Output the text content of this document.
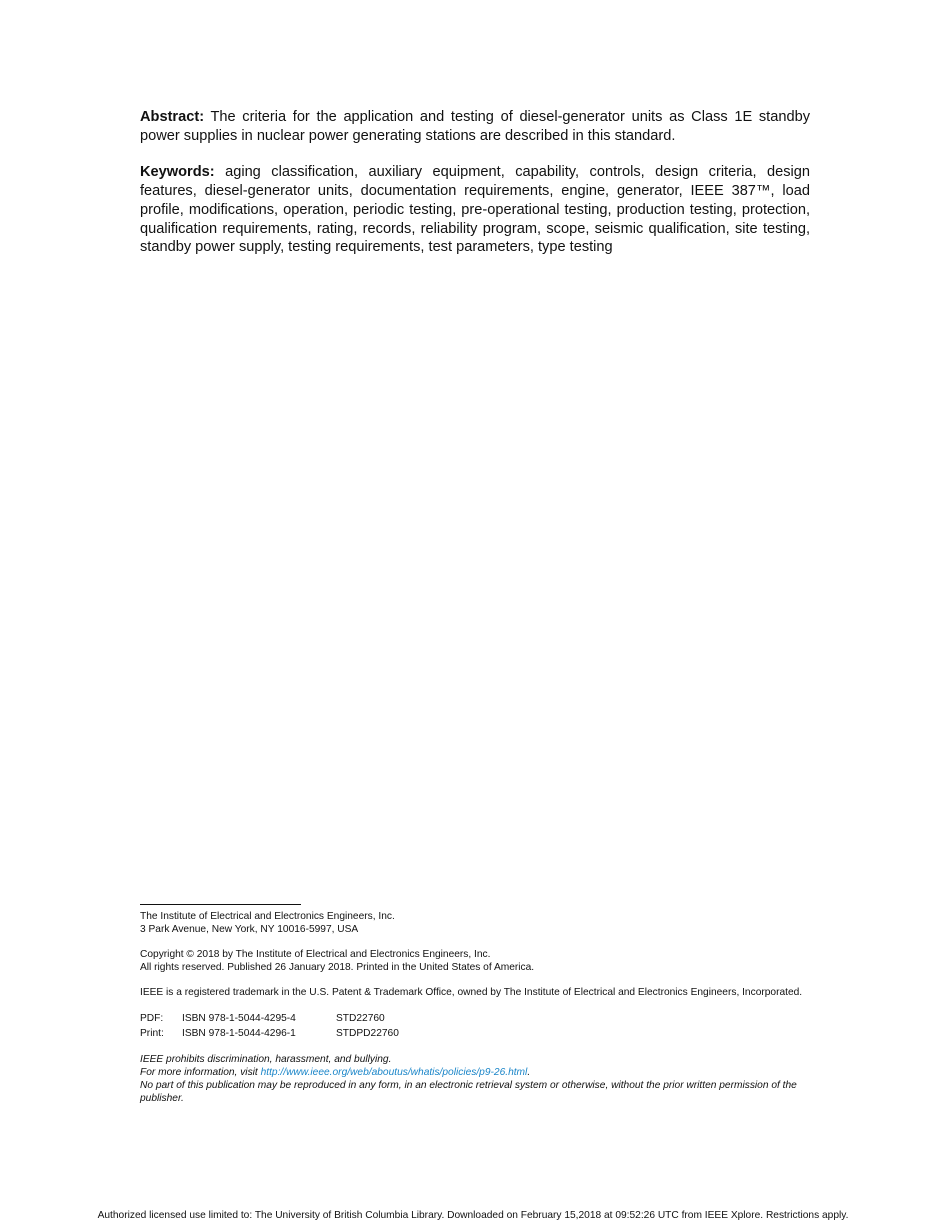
Abstract: The criteria for the application and testing of diesel-generator units as Class 1E standby power supplies in nuclear power generating stations are described in this standard.

Keywords: aging classification, auxiliary equipment, capability, controls, design criteria, design features, diesel-generator units, documentation requirements, engine, generator, IEEE 387™, load profile, modifications, operation, periodic testing, pre-operational testing, production testing, protection, qualification requirements, rating, records, reliability program, scope, seismic qualification, site testing, standby power supply, testing requirements, test parameters, type testing

The Institute of Electrical and Electronics Engineers, Inc.
3 Park Avenue, New York, NY 10016-5997, USA

Copyright © 2018 by The Institute of Electrical and Electronics Engineers, Inc.
All rights reserved. Published 26 January 2018. Printed in the United States of America.

IEEE is a registered trademark in the U.S. Patent & Trademark Office, owned by The Institute of Electrical and Electronics Engineers, Incorporated.

PDF:	ISBN 978-1-5044-4295-4	STD22760
Print:	ISBN 978-1-5044-4296-1	STDPD22760

IEEE prohibits discrimination, harassment, and bullying.
For more information, visit http://www.ieee.org/web/aboutus/whatis/policies/p9-26.html.
No part of this publication may be reproduced in any form, in an electronic retrieval system or otherwise, without the prior written permission of the publisher.

Authorized licensed use limited to: The University of British Columbia Library. Downloaded on February 15,2018 at 09:52:26 UTC from IEEE Xplore. Restrictions apply.
